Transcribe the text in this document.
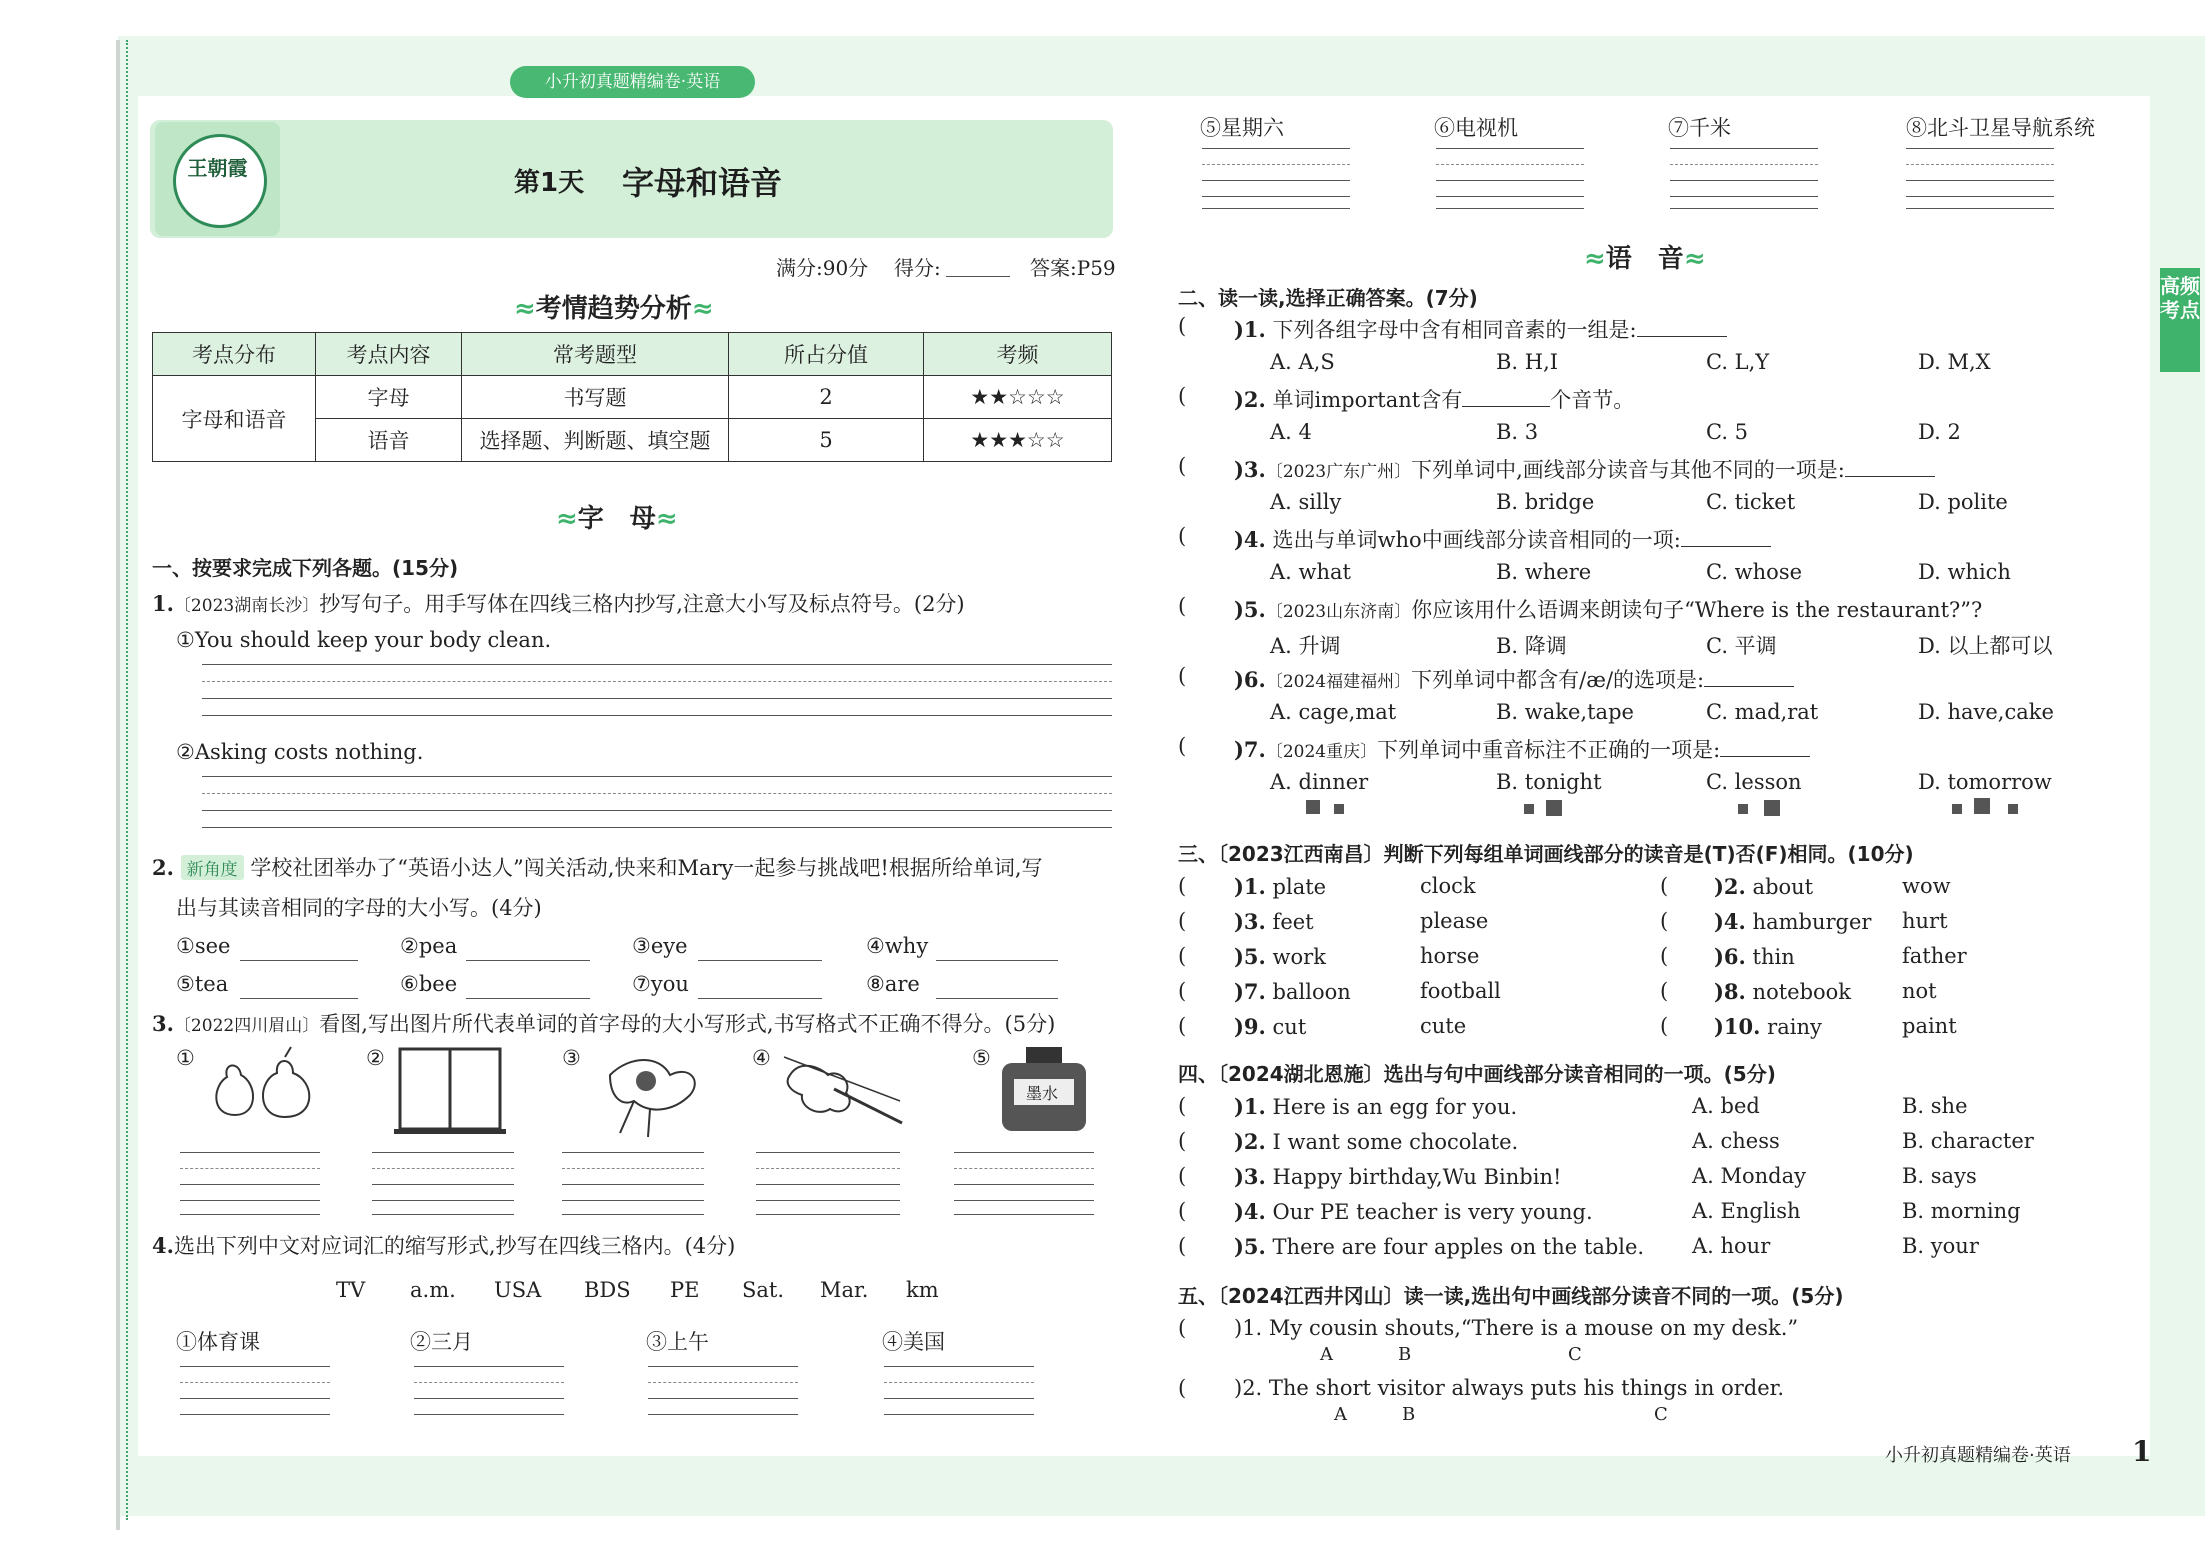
小升初真题精编卷·英语
王朝霞	第1天 字母和语音
满分:90分 得分:	答案:P59
≈考情趋势分析≈
考点分布	考点内容	常考题型	所占分值	考频
字母和语音	字母	书写题	2	★★☆☆☆
	语音	选择题、判断题、填空题	5	★★★☆☆
≈字　母≈
一、按要求完成下列各题。(15分)
1.〔2023湖南长沙〕抄写句子。用手写体在四线三格内抄写,注意大小写及标点符号。(2分)
①You should keep your body clean.
②Asking costs nothing.
2. 新角度 学校社团举办了“英语小达人”闯关活动,快来和Mary一起参与挑战吧!根据所给单词,写
出与其读音相同的字母的大小写。(4分)
①see	②pea	③eye	④why
⑤tea	⑥bee	⑦you	⑧are
3.〔2022四川眉山〕看图,写出图片所代表单词的首字母的大小写形式,书写格式不正确不得分。(5分)
①	②	③	④	⑤
墨水
4.选出下列中文对应词汇的缩写形式,抄写在四线三格内。(4分)
TV a.m. USA BDS PE Sat. Mar. km
①体育课	②三月	③上午	④美国
⑤星期六	⑥电视机	⑦千米	⑧北斗卫星导航系统
≈语　音≈
二、读一读,选择正确答案。(7分)
( )1. 下列各组字母中含有相同音素的一组是:
A. A,S	B. H,I	C. L,Y	D. M,X
( )2. 单词important含有	个音节。
A. 4	B. 3	C. 5	D. 2
( )3.〔2023广东广州〕下列单词中,画线部分读音与其他不同的一项是:
A. silly	B. bridge	C. ticket	D. polite
( )4. 选出与单词who中画线部分读音相同的一项:
A. what	B. where	C. whose	D. which
( )5.〔2023山东济南〕你应该用什么语调来朗读句子“Where is the restaurant?”?
A. 升调	B. 降调	C. 平调	D. 以上都可以
( )6.〔2024福建福州〕下列单词中都含有/æ/的选项是:
A. cage,mat	B. wake,tape	C. mad,rat	D. have,cake
( )7.〔2024重庆〕下列单词中重音标注不正确的一项是:
A. dinner	B. tonight	C. lesson	D. tomorrow
三、〔2023江西南昌〕判断下列每组单词画线部分的读音是(T)否(F)相同。(10分)
( )1. plate	clock	( )2. about	wow
( )3. feet	please	( )4. hamburger hurt
( )5. work	horse	( )6. thin	father
( )7. balloon	football	( )8. notebook not
( )9. cut	cute	( )10. rainy	paint
四、〔2024湖北恩施〕选出与句中画线部分读音相同的一项。(5分)
( )1. Here is an egg for you.	A. bed	B. she
( )2. I want some chocolate.	A. chess	B. character
( )3. Happy birthday,Wu Binbin!	A. Monday	B. says
( )4. Our PE teacher is very young.	A. English	B. morning
( )5. There are four apples on the table. A. hour	B. your
五、〔2024江西井冈山〕读一读,选出句中画线部分读音不同的一项。(5分)
( )1. My cousin shouts,“There is a mouse on my desk.”
A	B	C
( )2. The short visitor always puts his things in order.
A	B	C
高频考点
小升初真题精编卷·英语 1
